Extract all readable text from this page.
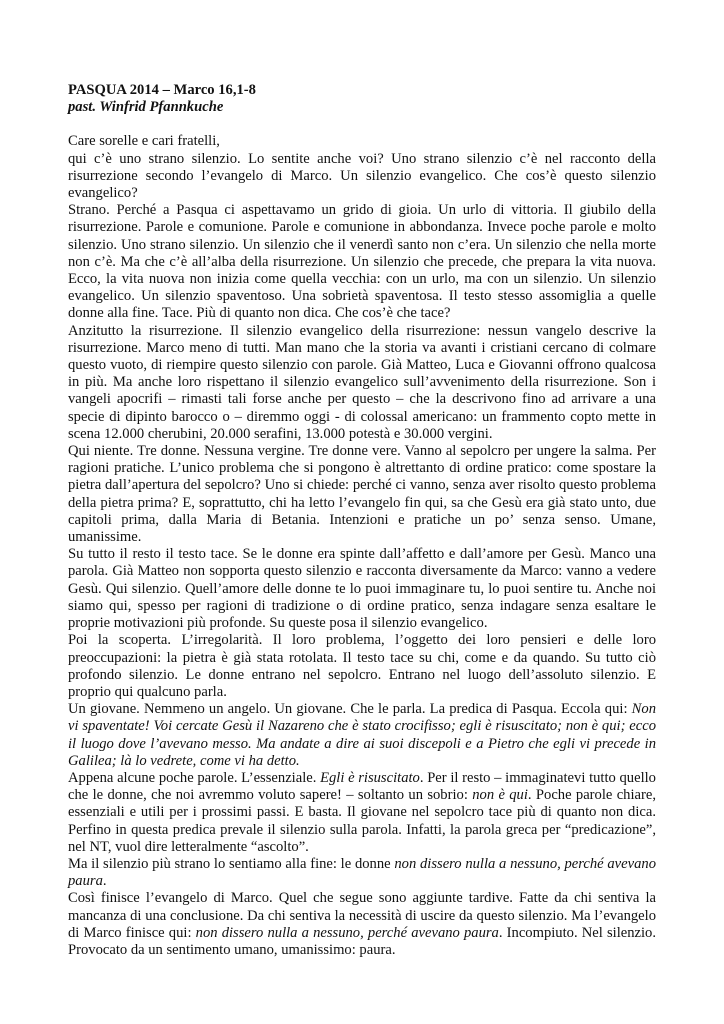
PASQUA 2014 – Marco 16,1-8
past. Winfrid Pfannkuche

Care sorelle e cari fratelli,

qui c’è uno strano silenzio. Lo sentite anche voi? Uno strano silenzio c’è nel racconto della risurrezione secondo l’evangelo di Marco. Un silenzio evangelico. Che cos’è questo silenzio evangelico?

Strano. Perché a Pasqua ci aspettavamo un grido di gioia. Un urlo di vittoria. Il giubilo della risurrezione. Parole e comunione. Parole e comunione in abbondanza. Invece poche parole e molto silenzio. Uno strano silenzio. Un silenzio che il venerdì santo non c’era. Un silenzio che nella morte non c’è. Ma che c’è all’alba della risurrezione. Un silenzio che precede, che prepara la vita nuova. Ecco, la vita nuova non inizia come quella vecchia: con un urlo, ma con un silenzio. Un silenzio evangelico. Un silenzio spaventoso. Una sobrietà spaventosa. Il testo stesso assomiglia a quelle donne alla fine. Tace. Più di quanto non dica. Che cos’è che tace?

Anzitutto la risurrezione. Il silenzio evangelico della risurrezione: nessun vangelo descrive la risurrezione. Marco meno di tutti. Man mano che la storia va avanti i cristiani cercano di colmare questo vuoto, di riempire questo silenzio con parole. Già Matteo, Luca e Giovanni offrono qualcosa in più. Ma anche loro rispettano il silenzio evangelico sull’avvenimento della risurrezione. Son i vangeli apocrifi – rimasti tali forse anche per questo – che la descrivono fino ad arrivare a una specie di dipinto barocco o – diremmo oggi - di colossal americano: un frammento copto mette in scena 12.000 cherubini, 20.000 serafini, 13.000 potestà e 30.000 vergini.

Qui niente. Tre donne. Nessuna vergine. Tre donne vere. Vanno al sepolcro per ungere la salma. Per ragioni pratiche. L’unico problema che si pongono è altrettanto di ordine pratico: come spostare la pietra dall’apertura del sepolcro? Uno si chiede: perché ci vanno, senza aver risolto questo problema della pietra prima? E, soprattutto, chi ha letto l’evangelo fin qui, sa che Gesù era già stato unto, due capitoli prima, dalla Maria di Betania. Intenzioni e pratiche un po’ senza senso. Umane, umanissime.

Su tutto il resto il testo tace. Se le donne era spinte dall’affetto e dall’amore per Gesù. Manco una parola. Già Matteo non sopporta questo silenzio e racconta diversamente da Marco: vanno a vedere Gesù. Qui silenzio. Quell’amore delle donne te lo puoi immaginare tu, lo puoi sentire tu. Anche noi siamo qui, spesso per ragioni di tradizione o di ordine pratico, senza indagare senza esaltare le proprie motivazioni più profonde. Su queste posa il silenzio evangelico.

Poi la scoperta. L’irregolarità. Il loro problema, l’oggetto dei loro pensieri e delle loro preoccupazioni: la pietra è già stata rotolata. Il testo tace su chi, come e da quando. Su tutto ciò profondo silenzio. Le donne entrano nel sepolcro. Entrano nel luogo dell’assoluto silenzio. E proprio qui qualcuno parla.

Un giovane. Nemmeno un angelo. Un giovane. Che le parla. La predica di Pasqua. Eccola qui: Non vi spaventate! Voi cercate Gesù il Nazareno che è stato crocifisso; egli è risuscitato; non è qui; ecco il luogo dove l’avevano messo. Ma andate a dire ai suoi discepoli e a Pietro che egli vi precede in Galilea; là lo vedrete, come vi ha detto.

Appena alcune poche parole. L’essenziale. Egli è risuscitato. Per il resto – immaginatevi tutto quello che le donne, che noi avremmo voluto sapere! – soltanto un sobrio: non è qui. Poche parole chiare, essenziali e utili per i prossimi passi. E basta. Il giovane nel sepolcro tace più di quanto non dica. Perfino in questa predica prevale il silenzio sulla parola. Infatti, la parola greca per “predicazione”, nel NT, vuol dire letteralmente “ascolto”.

Ma il silenzio più strano lo sentiamo alla fine: le donne non dissero nulla a nessuno, perché avevano paura.

Così finisce l’evangelo di Marco. Quel che segue sono aggiunte tardive. Fatte da chi sentiva la mancanza di una conclusione. Da chi sentiva la necessità di uscire da questo silenzio. Ma l’evangelo di Marco finisce qui: non dissero nulla a nessuno, perché avevano paura. Incompiuto. Nel silenzio. Provocato da un sentimento umano, umanissimo: paura.
